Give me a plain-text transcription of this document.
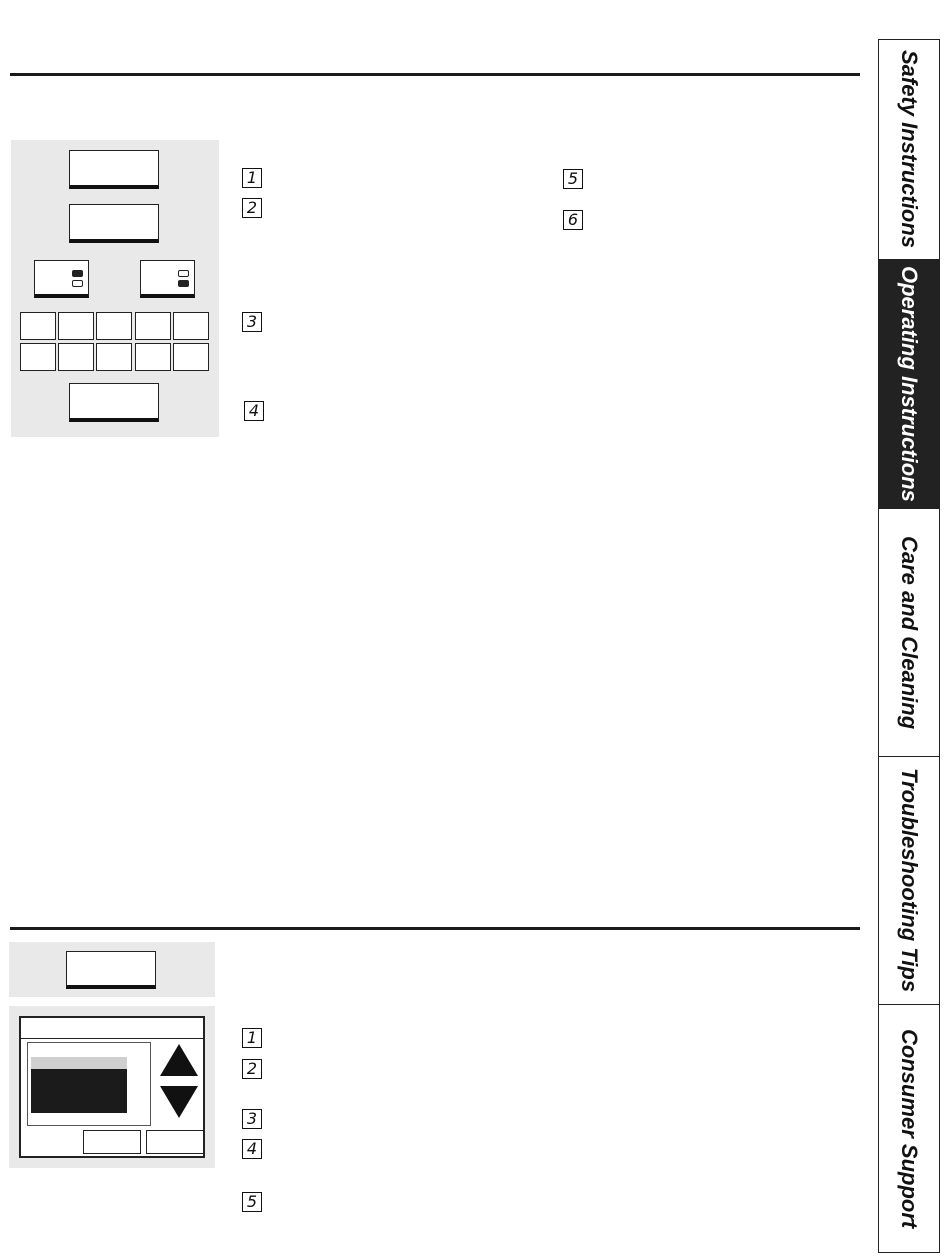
1
2
3
4
5
6
1
2
3
4
5
Safety Instructions
Operating Instructions
Care and Cleaning
Troubleshooting Tips
Consumer Support
